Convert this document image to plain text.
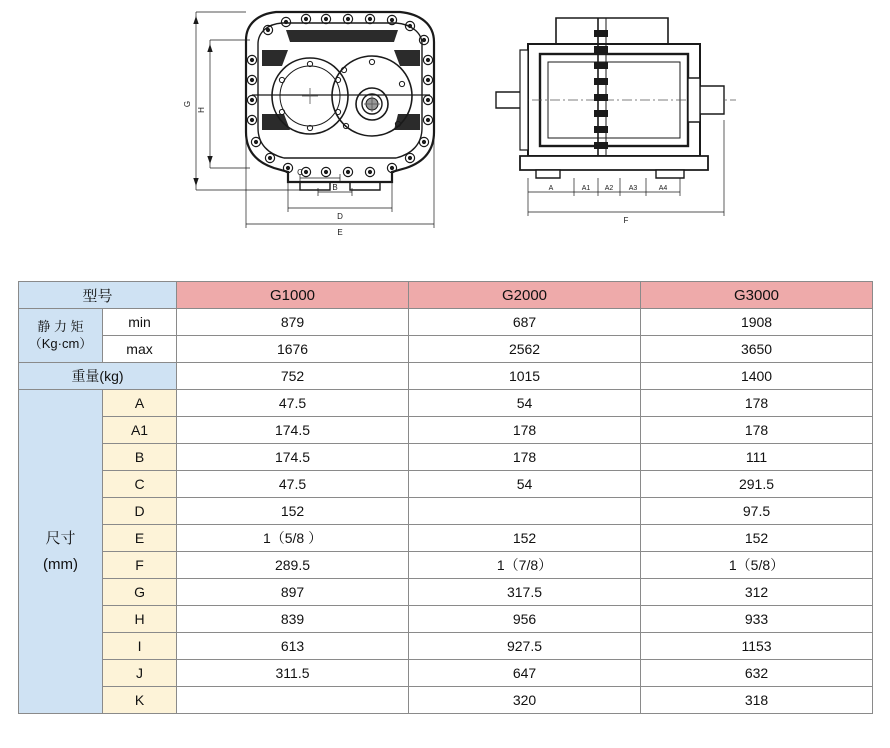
G
H
C
B
D
E
A	A1 A2 A3	A4
F
型号		G1000	G2000	G3000

静 力 矩
（Kg·cm）	min	879	687	1908
	max	1676	2562	3650
重量(kg)		752	1015	1400

尺寸
(mm)	A	47.5	54	178
	A1	174.5	178	178
	B	174.5	178	111
	C	47.5	54	291.5
	D	152		97.5
	E	1（5/8 ）	152	152
	F	289.5	1（7/8）	1（5/8）
	G	897	317.5	312
	H	839	956	933
	I	613	927.5	1153
	J	311.5	647	632
	K		320	318
